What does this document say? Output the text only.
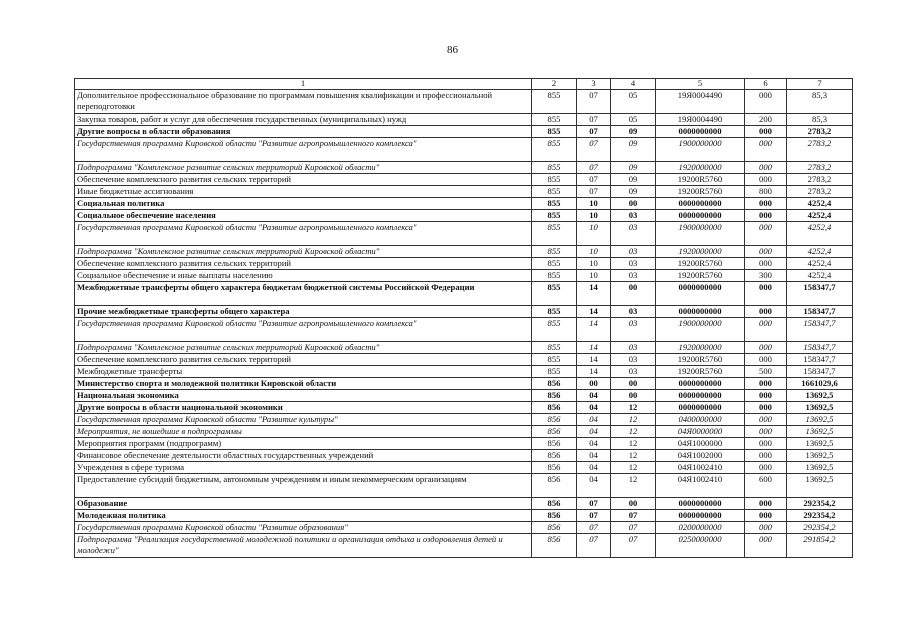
86
1	2	3	4	5	6	7
Дополнительное профессиональное образование по программам повышения квалификации и профессиональной переподготовки	855	07	05	19Я0004490	000	85,3
Закупка товаров, работ и услуг для обеспечения государственных (муниципальных) нужд	855	07	05	19Я0004490	200	85,3
Другие вопросы в области образования	855	07	09	0000000000	000	2783,2
Государственная программа Кировской области "Развитие агропромышленного комплекса"	855	07	09	1900000000	000	2783,2
Подпрограмма "Комплексное развитие сельских территорий Кировской области"	855	07	09	1920000000	000	2783,2
Обеспечение комплексного развития сельских территорий	855	07	09	19200R5760	000	2783,2
Иные бюджетные ассигнования	855	07	09	19200R5760	800	2783,2
Социальная политика	855	10	00	0000000000	000	4252,4
Социальное обеспечение населения	855	10	03	0000000000	000	4252,4
Государственная программа Кировской области "Развитие агропромышленного комплекса"	855	10	03	1900000000	000	4252,4
Подпрограмма "Комплексное развитие сельских территорий Кировской области"	855	10	03	1920000000	000	4252,4
Обеспечение комплексного развития сельских территорий	855	10	03	19200R5760	000	4252,4
Социальное обеспечение и иные выплаты населению	855	10	03	19200R5760	300	4252,4
Межбюджетные трансферты общего характера бюджетам бюджетной системы Российской Федерации	855	14	00	0000000000	000	158347,7
Прочие межбюджетные трансферты общего характера	855	14	03	0000000000	000	158347,7
Государственная программа Кировской области "Развитие агропромышленного комплекса"	855	14	03	1900000000	000	158347,7
Подпрограмма "Комплексное развитие сельских территорий Кировской области"	855	14	03	1920000000	000	158347,7
Обеспечение комплексного развития сельских территорий	855	14	03	19200R5760	000	158347,7
Межбюджетные трансферты	855	14	03	19200R5760	500	158347,7
Министерство спорта и молодежной политики Кировской области	856	00	00	0000000000	000	1661029,6
Национальная экономика	856	04	00	0000000000	000	13692,5
Другие вопросы в области национальной экономики	856	04	12	0000000000	000	13692,5
Государственная программа Кировской области "Развитие культуры"	856	04	12	0400000000	000	13692,5
Мероприятия, не вошедшие в подпрограммы	856	04	12	04Я0000000	000	13692,5
Мероприятия программ (подпрограмм)	856	04	12	04Я1000000	000	13692,5
Финансовое обеспечение деятельности областных государственных учреждений	856	04	12	04Я1002000	000	13692,5
Учреждения в сфере туризма	856	04	12	04Я1002410	000	13692,5
Предоставление субсидий бюджетным, автономным учреждениям и иным некоммерческим организациям	856	04	12	04Я1002410	600	13692,5
Образование	856	07	00	0000000000	000	292354,2
Молодежная политика	856	07	07	0000000000	000	292354,2
Государственная программа Кировской области "Развитие образования"	856	07	07	0200000000	000	292354,2
Подпрограмма "Реализация государственной молодежной политики и организация отдыха и оздоровления детей и молодежи"	856	07	07	0250000000	000	291854,2
